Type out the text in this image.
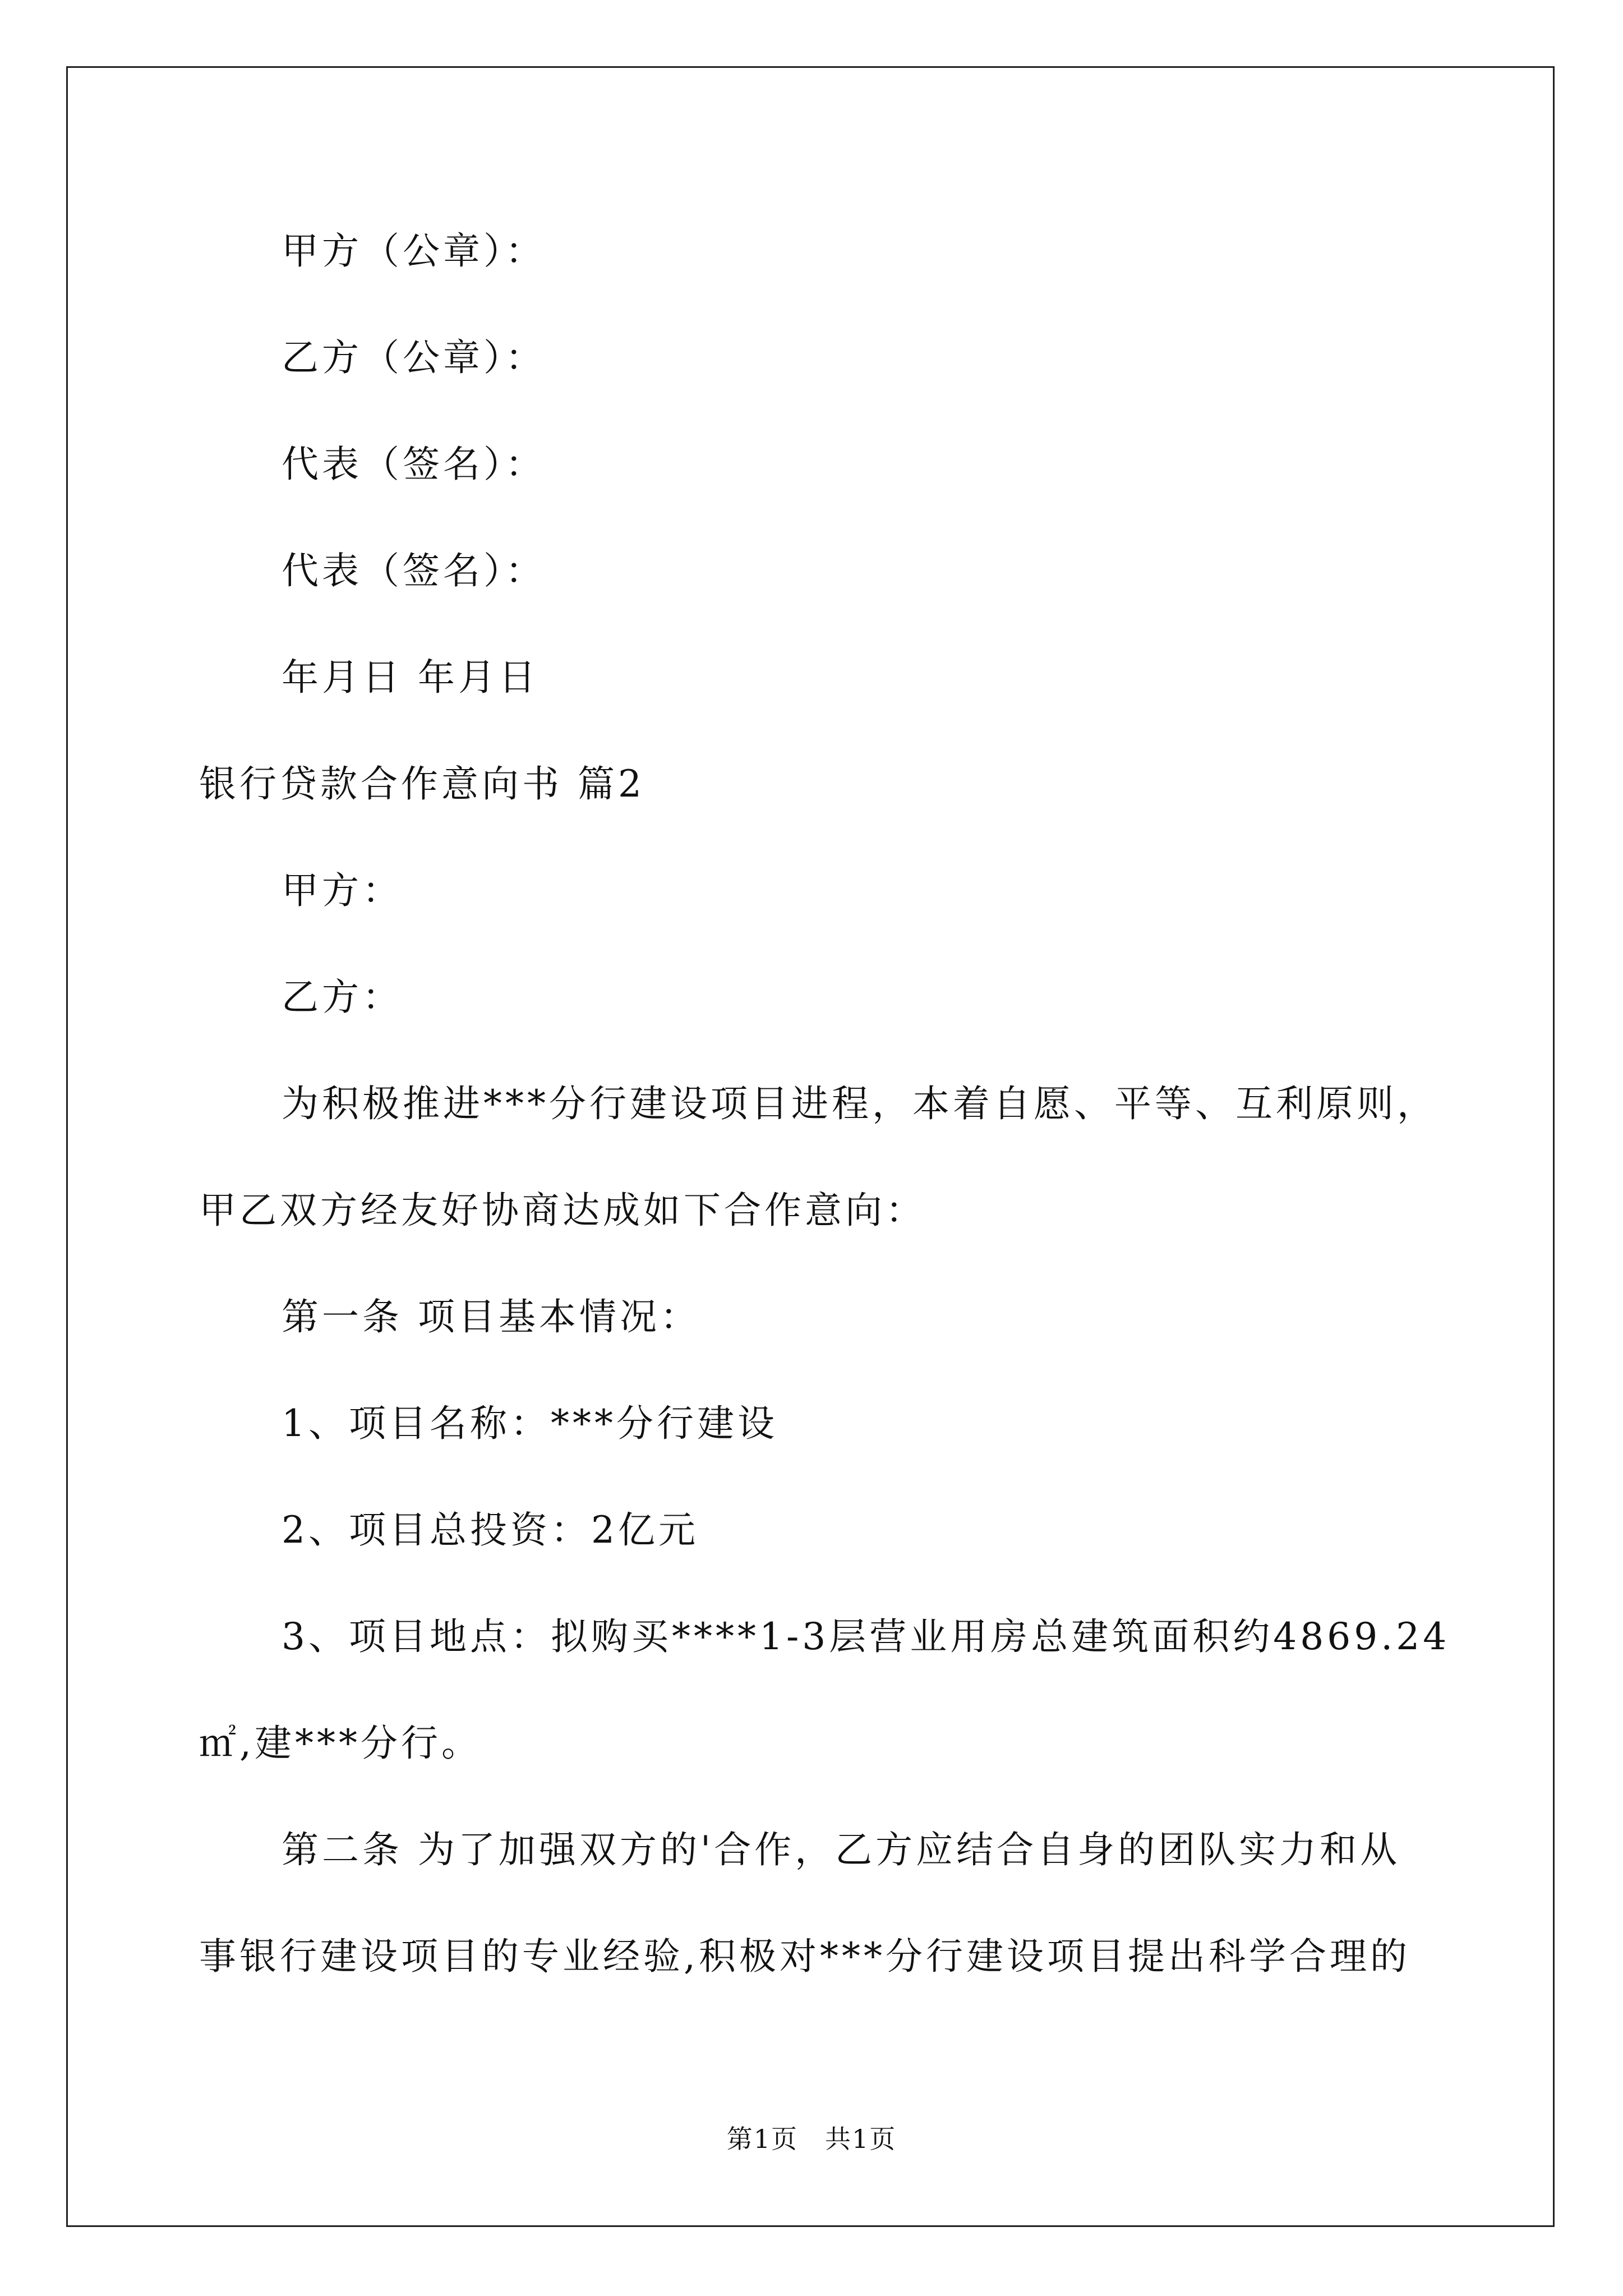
甲方（公章）：
乙方（公章）：
代表（签名）：
代表（签名）：
年月日 年月日
银行贷款合作意向书 篇2
甲方：
乙方：
为积极推进***分行建设项目进程，本着自愿、平等、互利原则，
甲乙双方经友好协商达成如下合作意向：
第一条 项目基本情况：
1、项目名称：***分行建设
2、项目总投资：2亿元
3、项目地点：拟购买****1-3层营业用房总建筑面积约4869.24
㎡,建***分行。
第二条 为了加强双方的'合作，乙方应结合自身的团队实力和从
事银行建设项目的专业经验,积极对***分行建设项目提出科学合理的
第1页　共1页
